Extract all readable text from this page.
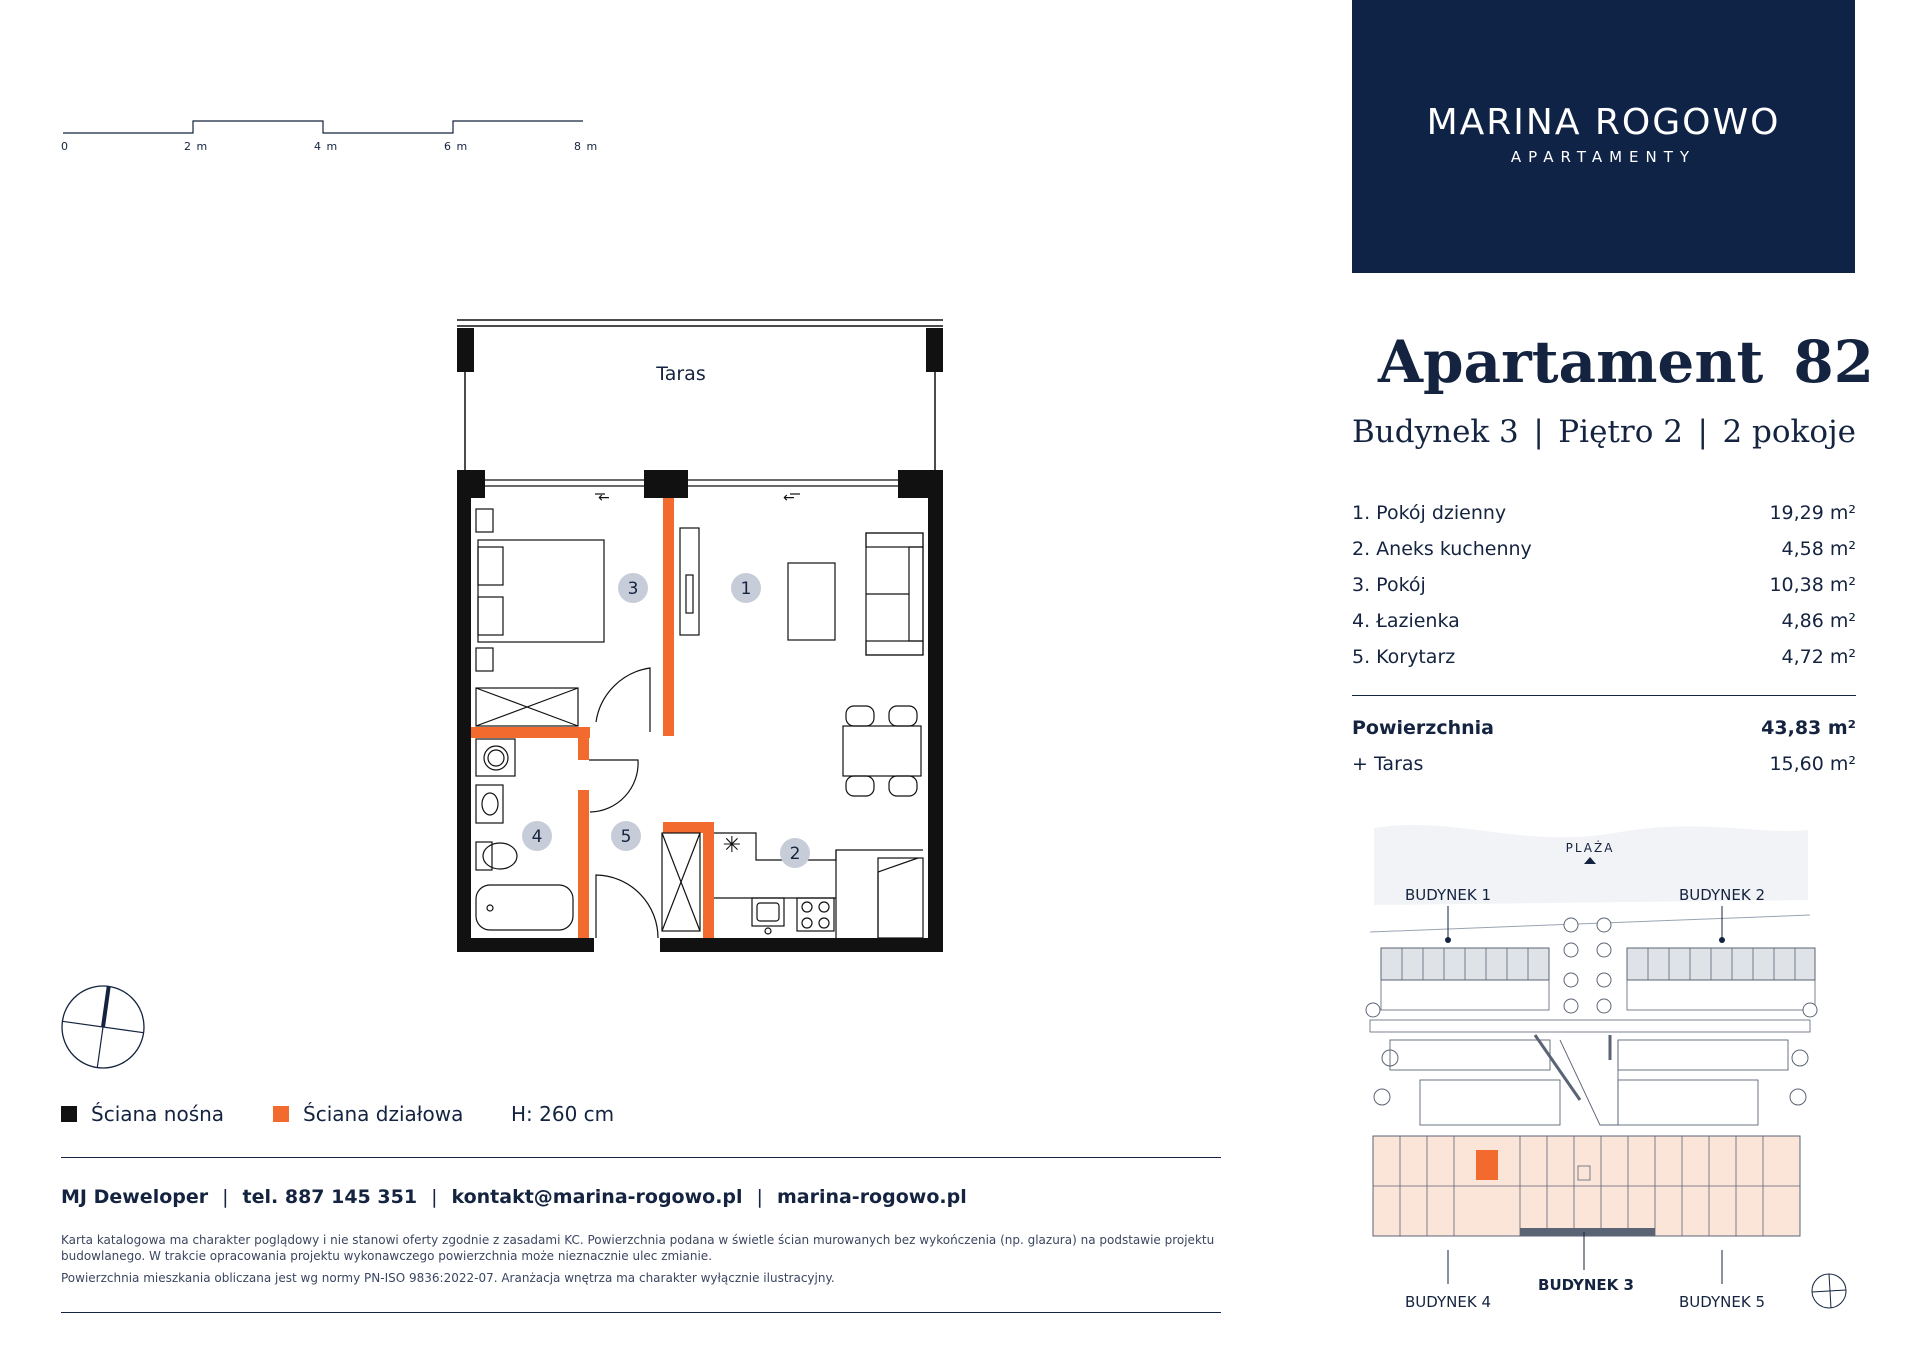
0	2 m	4 m	6 m	8 m
MARINA ROGOWO
APARTAMENTY
Apartament 82
Budynek 3 | Piętro 2 | 2 pokoje
1. Pokój dzienny	19,29 m²
2. Aneks kuchenny	4,58 m²
3. Pokój	10,38 m²
4. Łazienka	4,86 m²
5. Korytarz	4,72 m²
Powierzchnia	43,83 m²
+ Taras	15,60 m²
Taras
←	←
✳
1
2
3
4	5
Ściana nośna	Ściana działowa H: 260 cm
MJ Deweloper | tel. 887 145 351 | kontakt@marina-rogowo.pl | marina-rogowo.pl
Karta katalogowa ma charakter poglądowy i nie stanowi oferty zgodnie z zasadami KC. Powierzchnia podana w świetle ścian murowanych bez wykończenia (np. glazura) na podstawie projektu budowlanego. W trakcie opracowania projektu wykonawczego powierzchnia może nieznacznie ulec zmianie.
Powierzchnia mieszkania obliczana jest wg normy PN-ISO 9836:2022-07. Aranżacja wnętrza ma charakter wyłącznie ilustracyjny.
PLAŻA
BUDYNEK 1	BUDYNEK 2
BUDYNEK 3
BUDYNEK 4	BUDYNEK 5
